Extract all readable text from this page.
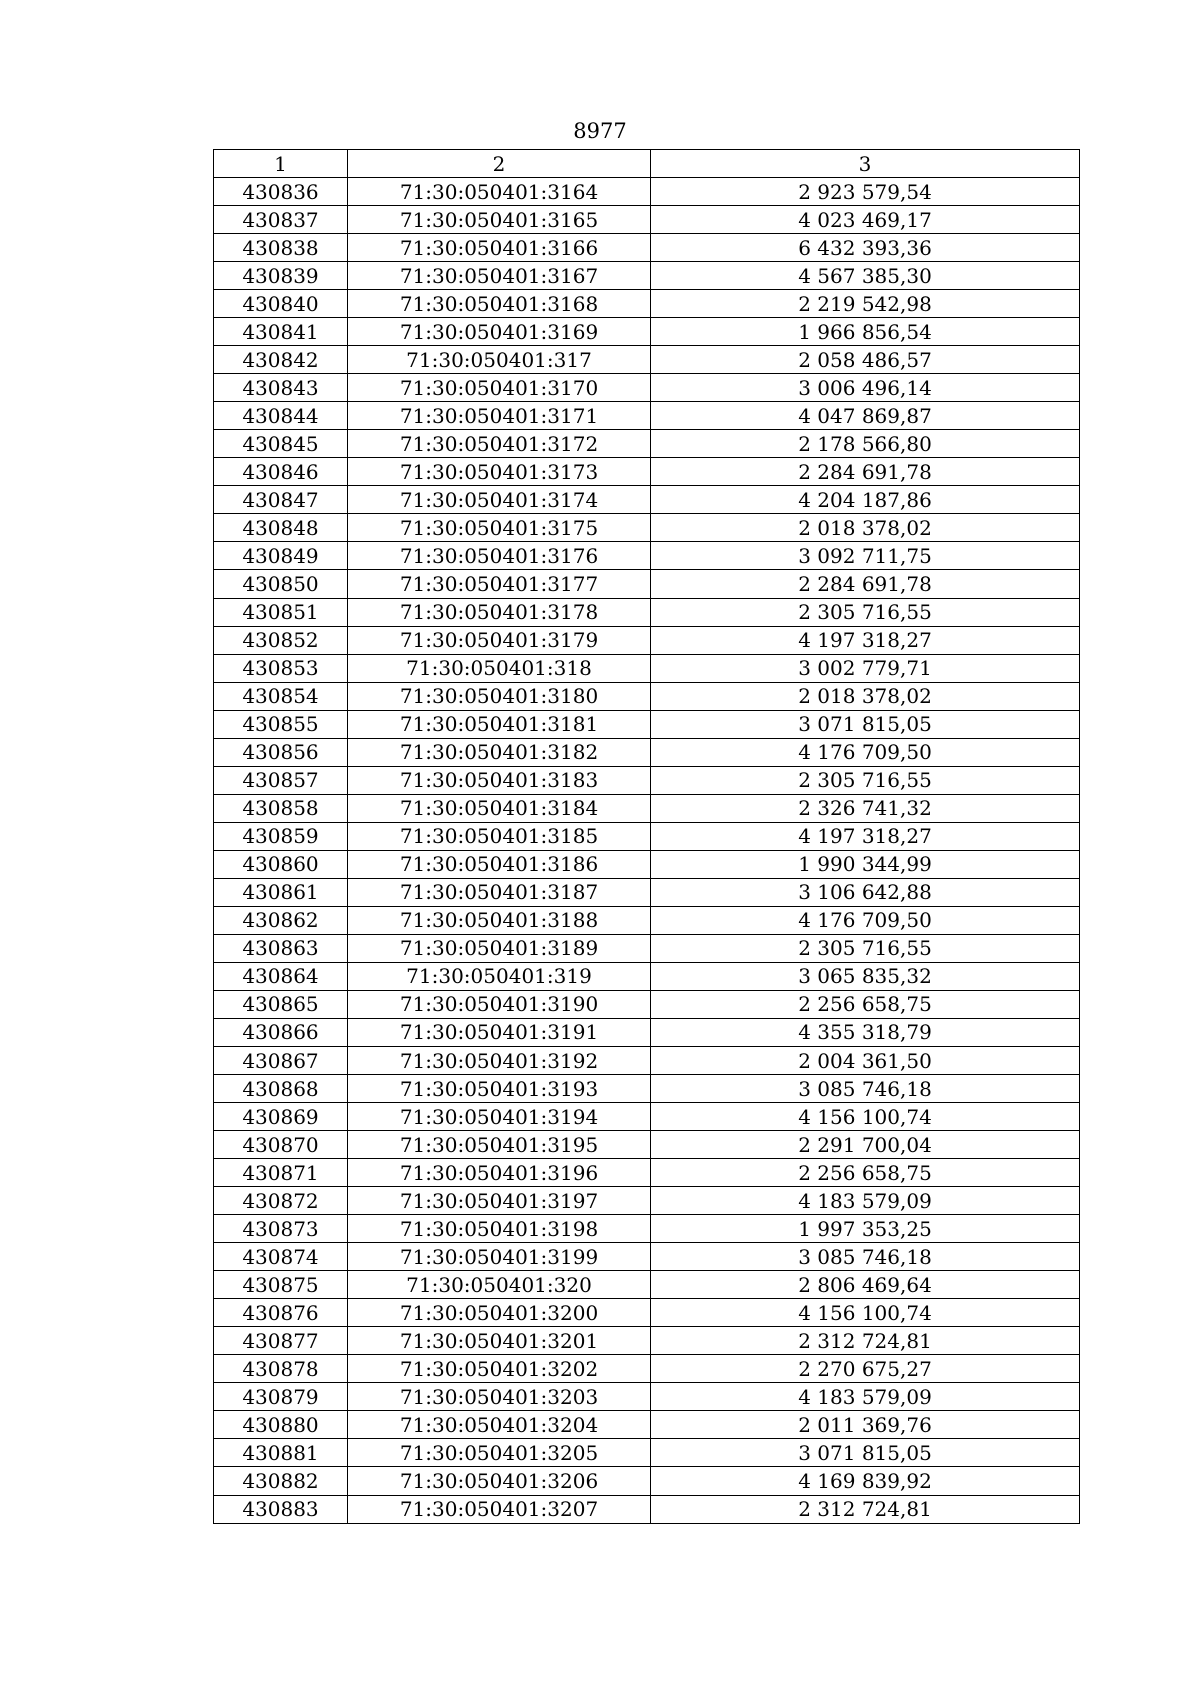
8977
1	2	3
430836	71:30:050401:3164	2 923 579,54
430837	71:30:050401:3165	4 023 469,17
430838	71:30:050401:3166	6 432 393,36
430839	71:30:050401:3167	4 567 385,30
430840	71:30:050401:3168	2 219 542,98
430841	71:30:050401:3169	1 966 856,54
430842	71:30:050401:317	2 058 486,57
430843	71:30:050401:3170	3 006 496,14
430844	71:30:050401:3171	4 047 869,87
430845	71:30:050401:3172	2 178 566,80
430846	71:30:050401:3173	2 284 691,78
430847	71:30:050401:3174	4 204 187,86
430848	71:30:050401:3175	2 018 378,02
430849	71:30:050401:3176	3 092 711,75
430850	71:30:050401:3177	2 284 691,78
430851	71:30:050401:3178	2 305 716,55
430852	71:30:050401:3179	4 197 318,27
430853	71:30:050401:318	3 002 779,71
430854	71:30:050401:3180	2 018 378,02
430855	71:30:050401:3181	3 071 815,05
430856	71:30:050401:3182	4 176 709,50
430857	71:30:050401:3183	2 305 716,55
430858	71:30:050401:3184	2 326 741,32
430859	71:30:050401:3185	4 197 318,27
430860	71:30:050401:3186	1 990 344,99
430861	71:30:050401:3187	3 106 642,88
430862	71:30:050401:3188	4 176 709,50
430863	71:30:050401:3189	2 305 716,55
430864	71:30:050401:319	3 065 835,32
430865	71:30:050401:3190	2 256 658,75
430866	71:30:050401:3191	4 355 318,79
430867	71:30:050401:3192	2 004 361,50
430868	71:30:050401:3193	3 085 746,18
430869	71:30:050401:3194	4 156 100,74
430870	71:30:050401:3195	2 291 700,04
430871	71:30:050401:3196	2 256 658,75
430872	71:30:050401:3197	4 183 579,09
430873	71:30:050401:3198	1 997 353,25
430874	71:30:050401:3199	3 085 746,18
430875	71:30:050401:320	2 806 469,64
430876	71:30:050401:3200	4 156 100,74
430877	71:30:050401:3201	2 312 724,81
430878	71:30:050401:3202	2 270 675,27
430879	71:30:050401:3203	4 183 579,09
430880	71:30:050401:3204	2 011 369,76
430881	71:30:050401:3205	3 071 815,05
430882	71:30:050401:3206	4 169 839,92
430883	71:30:050401:3207	2 312 724,81
